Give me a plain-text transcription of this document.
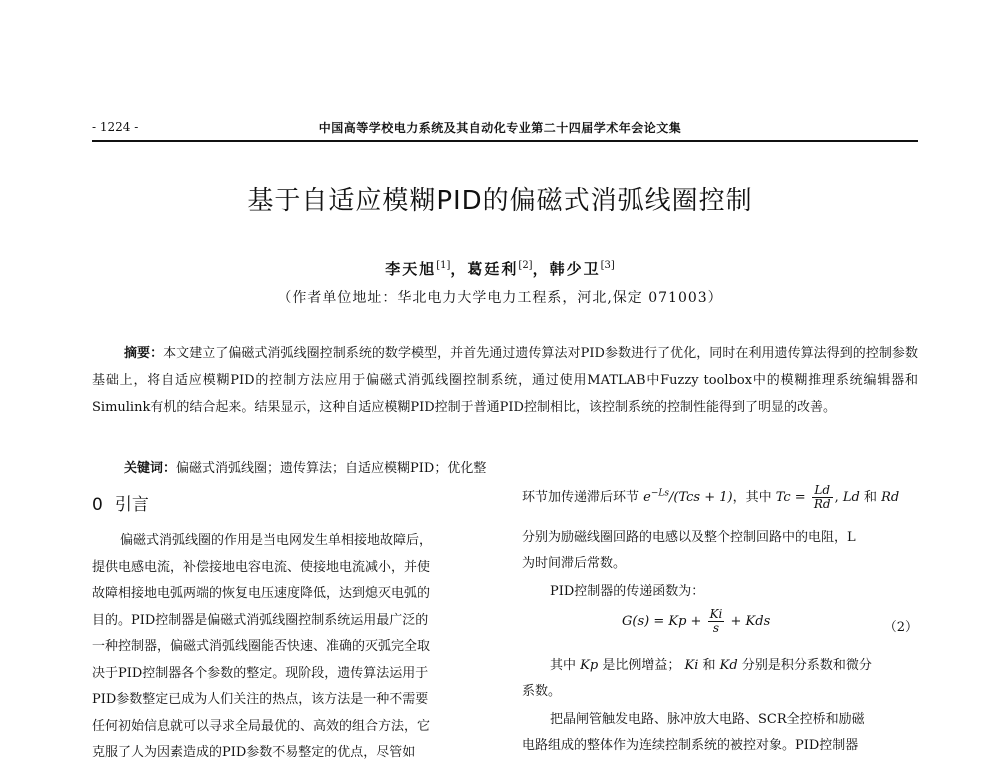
- 1224 -	中国高等学校电力系统及其自动化专业第二十四届学术年会论文集
基于自适应模糊PID的偏磁式消弧线圈控制
李天旭[1]，葛廷利[2]，韩少卫[3]
（作者单位地址：华北电力大学电力工程系，河北,保定 071003）
摘要：本文建立了偏磁式消弧线圈控制系统的数学模型，并首先通过遗传算法对PID参数进行了优化，同时在利用遗传算法得到的控制参数基础上，将自适应模糊PID的控制方法应用于偏磁式消弧线圈控制系统，通过使用MATLAB中Fuzzy toolbox中的模糊推理系统编辑器和Simulink有机的结合起来。结果显示，这种自适应模糊PID控制于普通PID控制相比，该控制系统的控制性能得到了明显的改善。
关键词：偏磁式消弧线圈；遗传算法；自适应模糊PID；优化整
0 引言
偏磁式消弧线圈的作用是当电网发生单相接地故障后，
提供电感电流，补偿接地电容电流、使接地电流减小，并使
故障相接地电弧两端的恢复电压速度降低，达到熄灭电弧的
目的。PID控制器是偏磁式消弧线圈控制系统运用最广泛的
一种控制器，偏磁式消弧线圈能否快速、准确的灭弧完全取
决于PID控制器各个参数的整定。现阶段，遗传算法运用于
PID参数整定已成为人们关注的热点，该方法是一种不需要
任何初始信息就可以寻求全局最优的、高效的组合方法，它
克服了人为因素造成的PID参数不易整定的优点，尽管如
环节加传递滞后环节 $e^{-Ls}/(Tcs + 1)$，其中 $Tc = \frac{Ld}{Rd}$ , Ld 和 Rd
分别为励磁线圈回路的电感以及整个控制回路中的电阻，L
为时间滞后常数。
PID控制器的传递函数为：
$G(s) = Kp + \frac{Ki}{s}$ + Kds	（2）
其中 Kp 是比例增益； Ki 和 Kd 分别是积分系数和微分
系数。
把晶闸管触发电路、脉冲放大电路、SCR全控桥和励磁
电路组成的整体作为连续控制系统的被控对象。PID控制器
